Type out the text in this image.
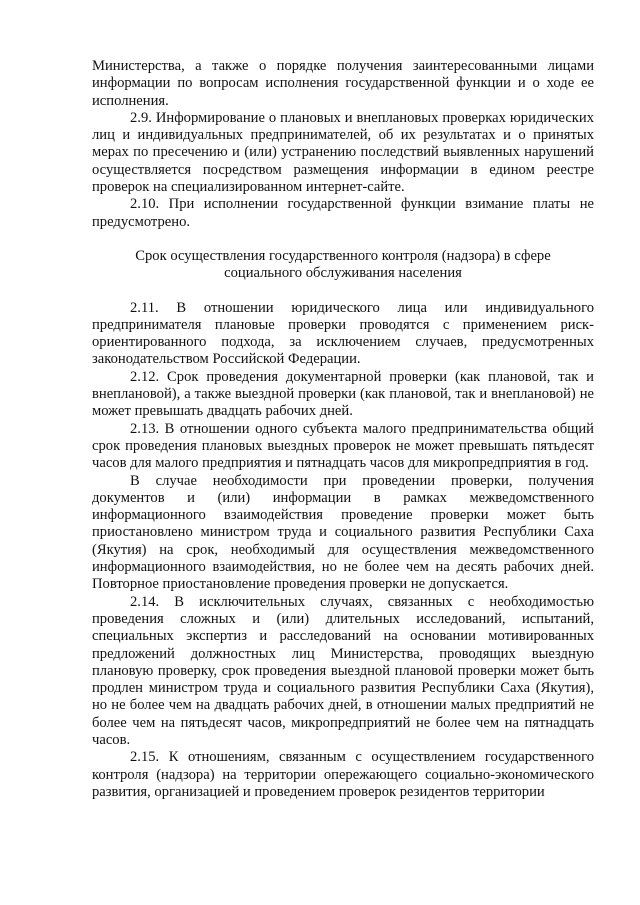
Министерства, а также о порядке получения заинтересованными лицами информации по вопросам исполнения государственной функции и о ходе ее исполнения.

2.9. Информирование о плановых и внеплановых проверках юридических лиц и индивидуальных предпринимателей, об их результатах и о принятых мерах по пресечению и (или) устранению последствий выявленных нарушений осуществляется посредством размещения информации в едином реестре проверок на специализированном интернет-сайте.

2.10. При исполнении государственной функции взимание платы не предусмотрено.

Срок осуществления государственного контроля (надзора) в сфере

социального обслуживания населения

2.11. В отношении юридического лица или индивидуального предпринимателя плановые проверки проводятся с применением риск-ориентированного подхода, за исключением случаев, предусмотренных законодательством Российской Федерации.

2.12. Срок проведения документарной проверки (как плановой, так и внеплановой), а также выездной проверки (как плановой, так и внеплановой) не может превышать двадцать рабочих дней.

2.13. В отношении одного субъекта малого предпринимательства общий срок проведения плановых выездных проверок не может превышать пятьдесят часов для малого предприятия и пятнадцать часов для микропредприятия в год.

В случае необходимости при проведении проверки, получения документов и (или) информации в рамках межведомственного информационного взаимодействия проведение проверки может быть приостановлено министром труда и социального развития Республики Саха (Якутия) на срок, необходимый для осуществления межведомственного информационного взаимодействия, но не более чем на десять рабочих дней. Повторное приостановление проведения проверки не допускается.

2.14. В исключительных случаях, связанных с необходимостью проведения сложных и (или) длительных исследований, испытаний, специальных экспертиз и расследований на основании мотивированных предложений должностных лиц Министерства, проводящих выездную плановую проверку, срок проведения выездной плановой проверки может быть продлен министром труда и социального развития Республики Саха (Якутия), но не более чем на двадцать рабочих дней, в отношении малых предприятий не более чем на пятьдесят часов, микропредприятий не более чем на пятнадцать часов.

2.15. К отношениям, связанным с осуществлением государственного контроля (надзора) на территории опережающего социально-экономического развития, организацией и проведением проверок резидентов территории
